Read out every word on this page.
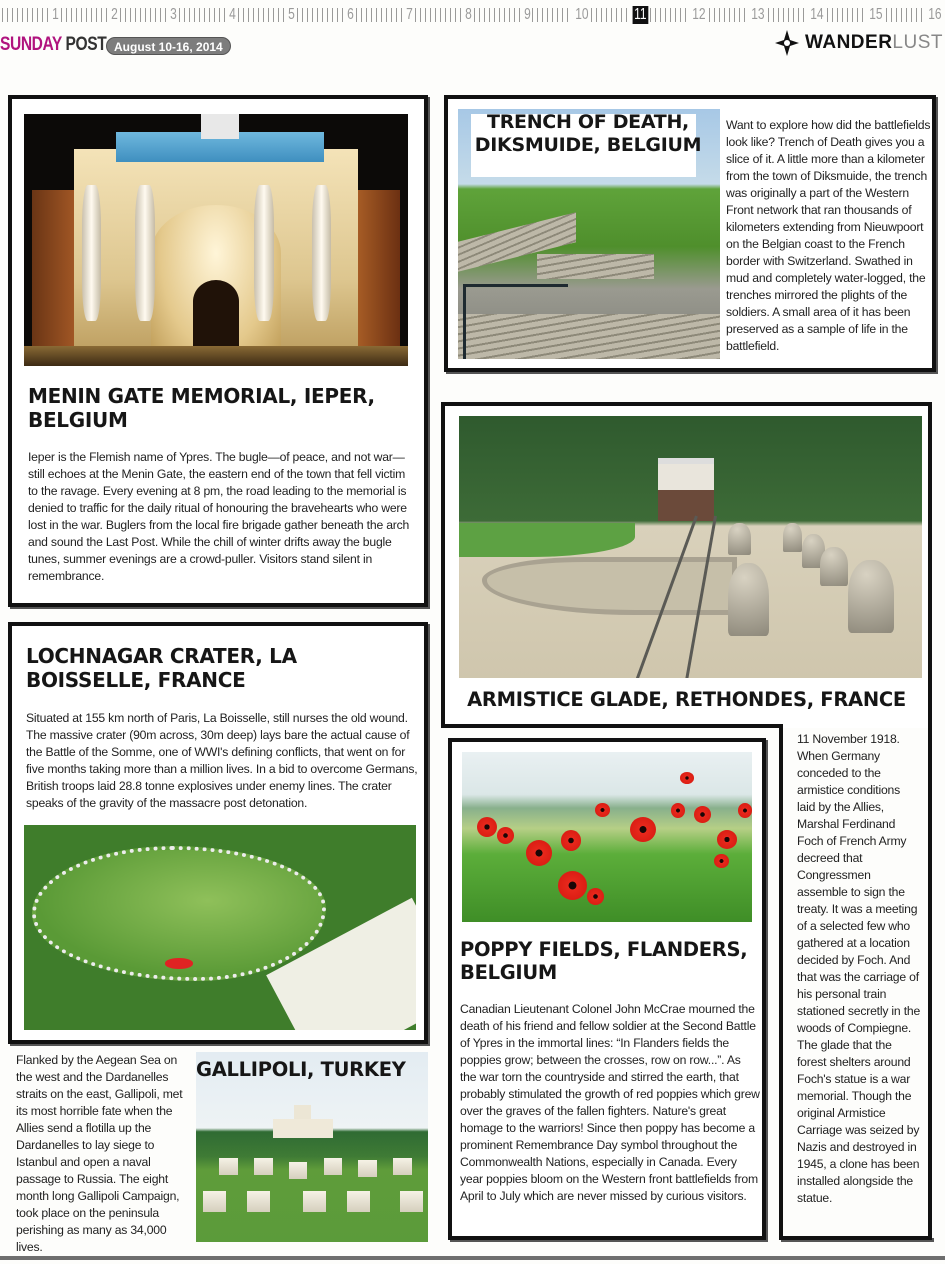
1	2	3	4	5	6	7	8	9	10	11	12	13	14	15	16
SUNDAY POST August 10-16, 2014	WANDERLUST
MENIN GATE MEMORIAL, IEPER, BELGIUM

Ieper is the Flemish name of Ypres. The bugle—of peace, and not war—still echoes at the Menin Gate, the eastern end of the town that fell victim to the ravage. Every evening at 8 pm, the road leading to the memorial is denied to traffic for the daily ritual of honouring the bravehearts who were lost in the war. Buglers from the local fire brigade gather beneath the arch and sound the Last Post. While the chill of winter drifts away the bugle tunes, summer evenings are a crowd-puller. Visitors stand silent in remembrance.

TRENCH OF DEATH, DIKSMUIDE, BELGIUM

Want to explore how did the battlefields look like? Trench of Death gives you a slice of it. A little more than a kilometer from the town of Diksmuide, the trench was originally a part of the Western Front network that ran thousands of kilometers extending from Nieuwpoort on the Belgian coast to the French border with Switzerland. Swathed in mud and completely water-logged, the trenches mirrored the plights of the soldiers. A small area of it has been preserved as a sample of life in the battlefield.

ARMISTICE GLADE, RETHONDES, FRANCE

11 November 1918. When Germany conceded to the armistice conditions laid by the Allies, Marshal Ferdinand Foch of French Army decreed that Congressmen assemble to sign the treaty. It was a meeting of a selected few who gathered at a location decided by Foch. And that was the carriage of his personal train stationed secretly in the woods of Compiegne. The glade that the forest shelters around Foch's statue is a war memorial. Though the original Armistice Carriage was seized by Nazis and destroyed in 1945, a clone has been installed alongside the statue.

LOCHNAGAR CRATER, LA BOISSELLE, FRANCE

Situated at 155 km north of Paris, La Boisselle, still nurses the old wound. The massive crater (90m across, 30m deep) lays bare the actual cause of the Battle of the Somme, one of WWI's defining conflicts, that went on for five months taking more than a million lives. In a bid to overcome Germans, British troops laid 28.8 tonne explosives under enemy lines. The crater speaks of the gravity of the massacre post detonation.

POPPY FIELDS, FLANDERS, BELGIUM

Canadian Lieutenant Colonel John McCrae mourned the death of his friend and fellow soldier at the Second Battle of Ypres in the immortal lines: “In Flanders fields the poppies grow; between the crosses, row on row...”. As the war torn the countryside and stirred the earth, that probably stimulated the growth of red poppies which grew over the graves of the fallen fighters. Nature's great homage to the warriors! Since then poppy has become a prominent Remembrance Day symbol throughout the Commonwealth Nations, especially in Canada. Every year poppies bloom on the Western front battlefields from April to July which are never missed by curious visitors.

Flanked by the Aegean Sea on the west and the Dardanelles straits on the east, Gallipoli, met its most horrible fate when the Allies send a flotilla up the Dardanelles to lay siege to Istanbul and open a naval passage to Russia. The eight month long Gallipoli Campaign, took place on the peninsula perishing as many as 34,000 lives.

GALLIPOLI, TURKEY
